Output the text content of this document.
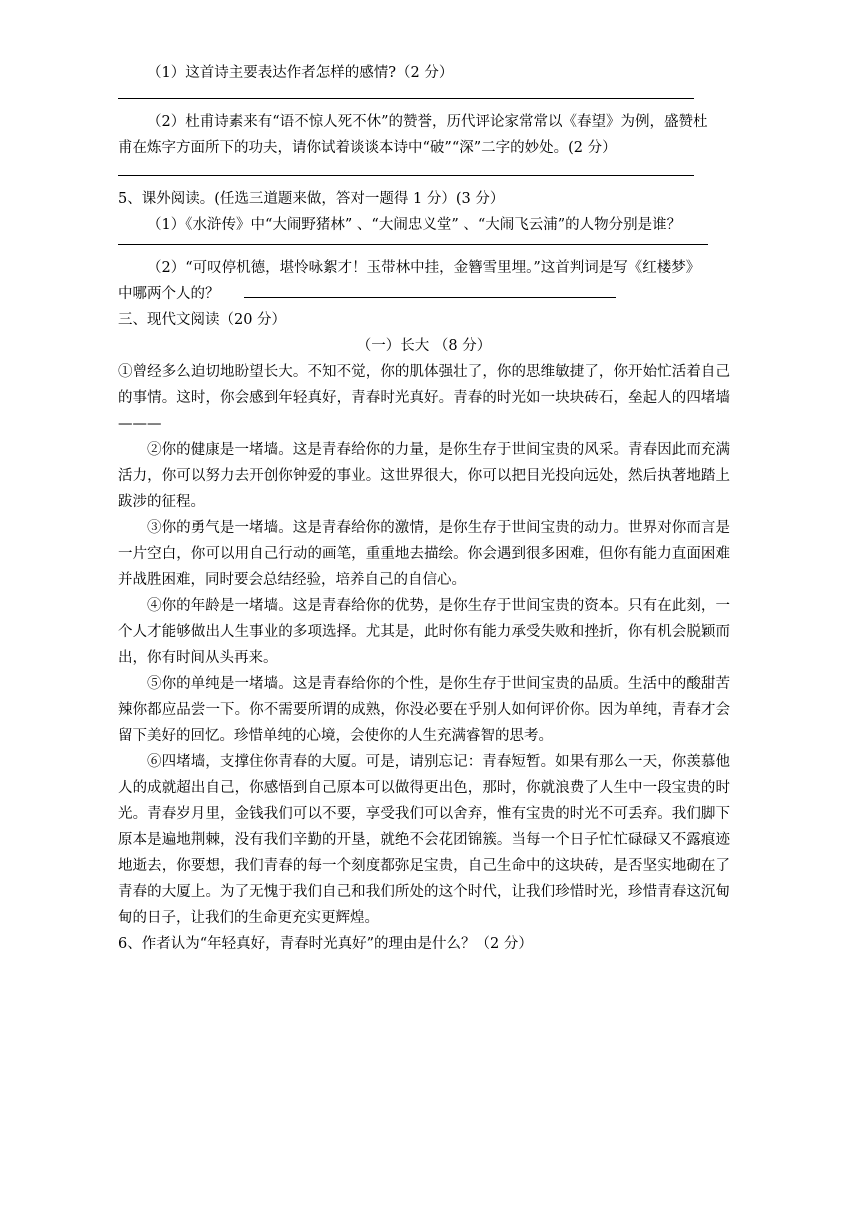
（1）这首诗主要表达作者怎样的感情?（2 分）
（2）杜甫诗素来有“语不惊人死不休”的赞誉，历代评论家常常以《春望》为例，盛赞杜
甫在炼字方面所下的功夫，请你试着谈谈本诗中“破”“深”二字的妙处。(2 分）
5、课外阅读。(任选三道题来做，答对一题得 1 分）(3 分）
（1）《水浒传》中“大闹野猪林” 、“大闹忠义堂” 、“大闹飞云浦”的人物分别是谁？
（2）“可叹停机德，堪怜咏絮才！玉带林中挂，金簪雪里埋。”这首判词是写《红楼梦》
中哪两个人的？
三、现代文阅读（20 分）
（一）长大 （8 分）

①曾经多么迫切地盼望长大。不知不觉，你的肌体强壮了，你的思维敏捷了，你开始忙活着自己的事情。这时，你会感到年轻真好，青春时光真好。青春的时光如一块块砖石，垒起人的四堵墙———

②你的健康是一堵墙。这是青春给你的力量，是你生存于世间宝贵的风采。青春因此而充满活力，你可以努力去开创你钟爱的事业。这世界很大，你可以把目光投向远处，然后执著地踏上跋涉的征程。

③你的勇气是一堵墙。这是青春给你的激情，是你生存于世间宝贵的动力。世界对你而言是一片空白，你可以用自己行动的画笔，重重地去描绘。你会遇到很多困难，但你有能力直面困难并战胜困难，同时要会总结经验，培养自己的自信心。

④你的年龄是一堵墙。这是青春给你的优势，是你生存于世间宝贵的资本。只有在此刻，一个人才能够做出人生事业的多项选择。尤其是，此时你有能力承受失败和挫折，你有机会脱颖而出，你有时间从头再来。

⑤你的单纯是一堵墙。这是青春给你的个性，是你生存于世间宝贵的品质。生活中的酸甜苦辣你都应品尝一下。你不需要所谓的成熟，你没必要在乎别人如何评价你。因为单纯，青春才会留下美好的回忆。珍惜单纯的心境，会使你的人生充满睿智的思考。

⑥四堵墙，支撑住你青春的大厦。可是，请别忘记：青春短暂。如果有那么一天，你羡慕他人的成就超出自己，你感悟到自己原本可以做得更出色，那时，你就浪费了人生中一段宝贵的时光。青春岁月里，金钱我们可以不要，享受我们可以舍弃，惟有宝贵的时光不可丢弃。我们脚下原本是遍地荆棘，没有我们辛勤的开垦，就绝不会花团锦簇。当每一个日子忙忙碌碌又不露痕迹地逝去，你要想，我们青春的每一个刻度都弥足宝贵，自己生命中的这块砖，是否坚实地砌在了青春的大厦上。为了无愧于我们自己和我们所处的这个时代，让我们珍惜时光，珍惜青春这沉甸甸的日子，让我们的生命更充实更辉煌。

6、作者认为“年轻真好，青春时光真好”的理由是什么？（2 分）
